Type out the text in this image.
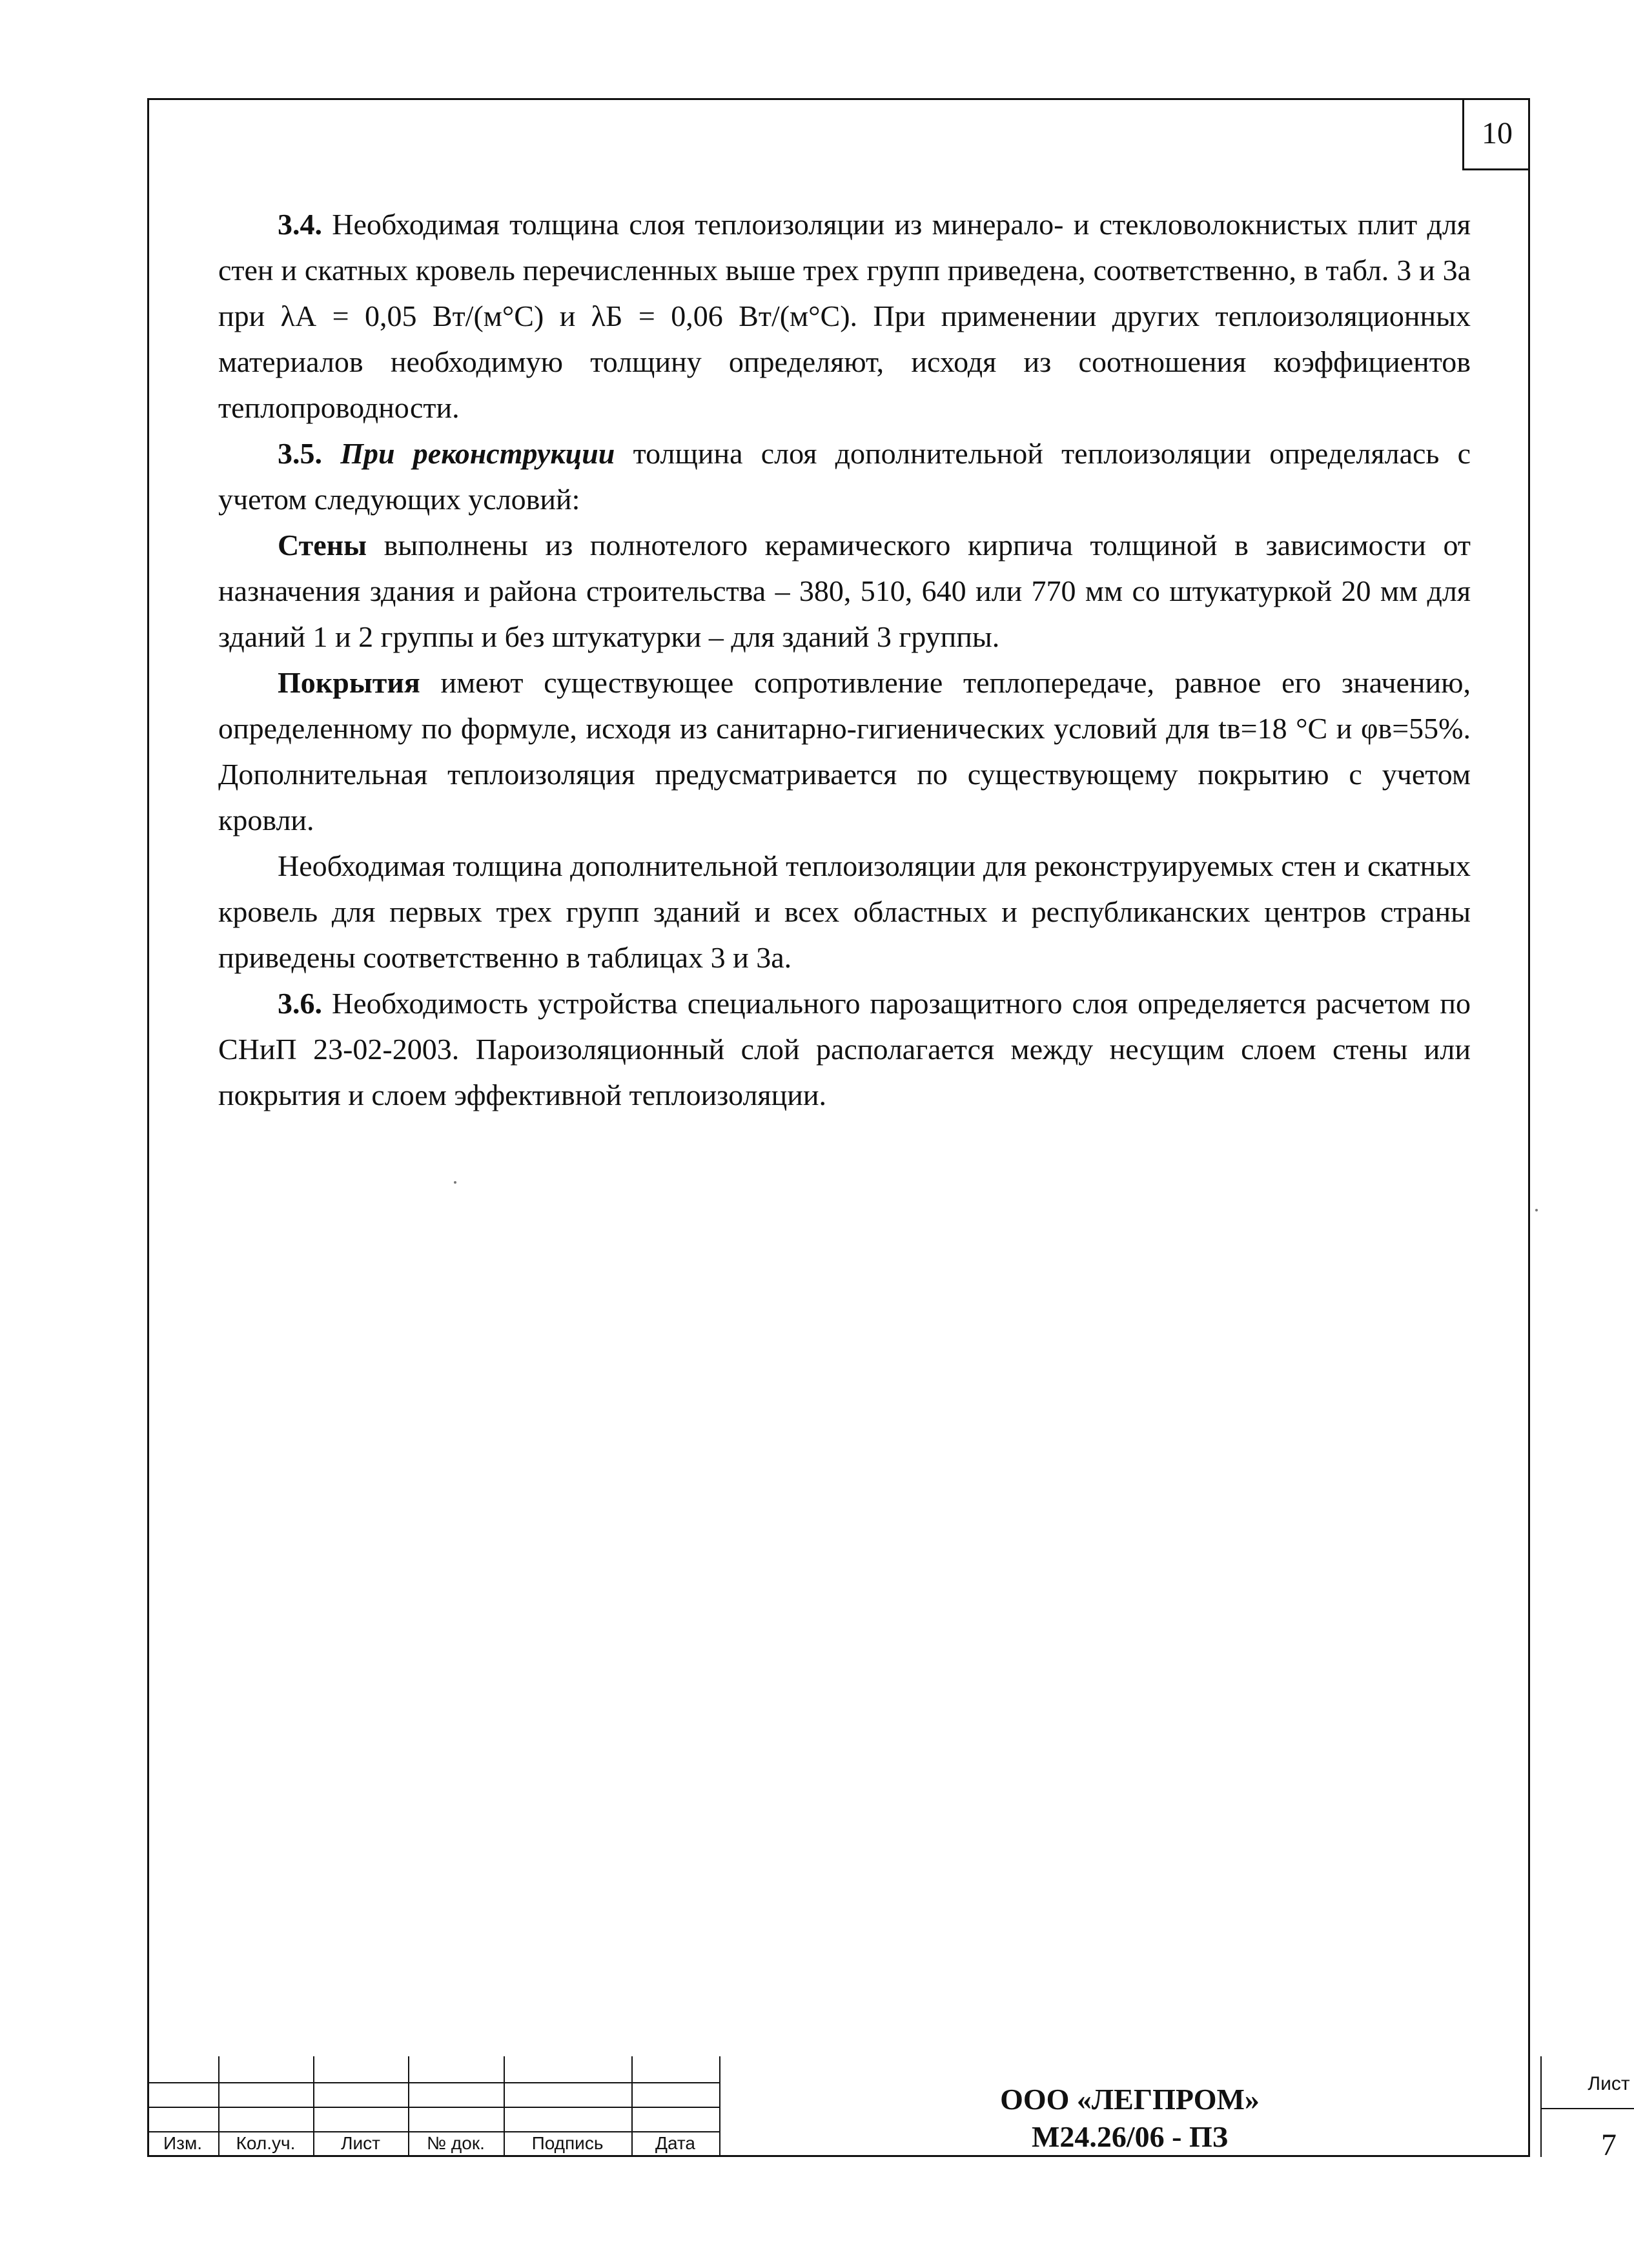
10

3.4. Необходимая толщина слоя теплоизоляции из минерало- и стекловолокнистых плит для стен и скатных кровель перечисленных выше трех групп приведена, соответственно, в табл. 3 и 3а при λА = 0,05 Вт/(м°С) и λБ = 0,06 Вт/(м°С). При применении других теплоизоляционных материалов необходимую толщину определяют, исходя из соотношения коэффициентов теплопроводности.

3.5. При реконструкции толщина слоя дополнительной теплоизоляции определялась с учетом следующих условий:

Стены выполнены из полнотелого керамического кирпича толщиной в зависимости от назначения здания и района строительства – 380, 510, 640 или 770 мм со штукатуркой 20 мм для зданий 1 и 2 группы и без штукатурки – для зданий 3 группы.

Покрытия имеют существующее сопротивление теплопередаче, равное его значению, определенному по формуле, исходя из санитарно-гигиенических условий для tв=18 °С и φв=55%. Дополнительная теплоизоляция предусматривается по существующему покрытию с учетом кровли.

Необходимая толщина дополнительной теплоизоляции для реконструируемых стен и скатных кровель для первых трех групп зданий и всех областных и республиканских центров страны приведены соответственно в таблицах 3 и 3а.

3.6. Необходимость устройства специального парозащитного слоя определяется расчетом по СНиП 23-02-2003. Пароизоляционный слой располагается между несущим слоем стены или покрытия и слоем эффективной теплоизоляции.

Изм.	Кол.уч.	Лист	№ док.	Подпись	Дата
ООО «ЛЕГПРОМ»
М24.26/06 - ПЗ
Лист
7
